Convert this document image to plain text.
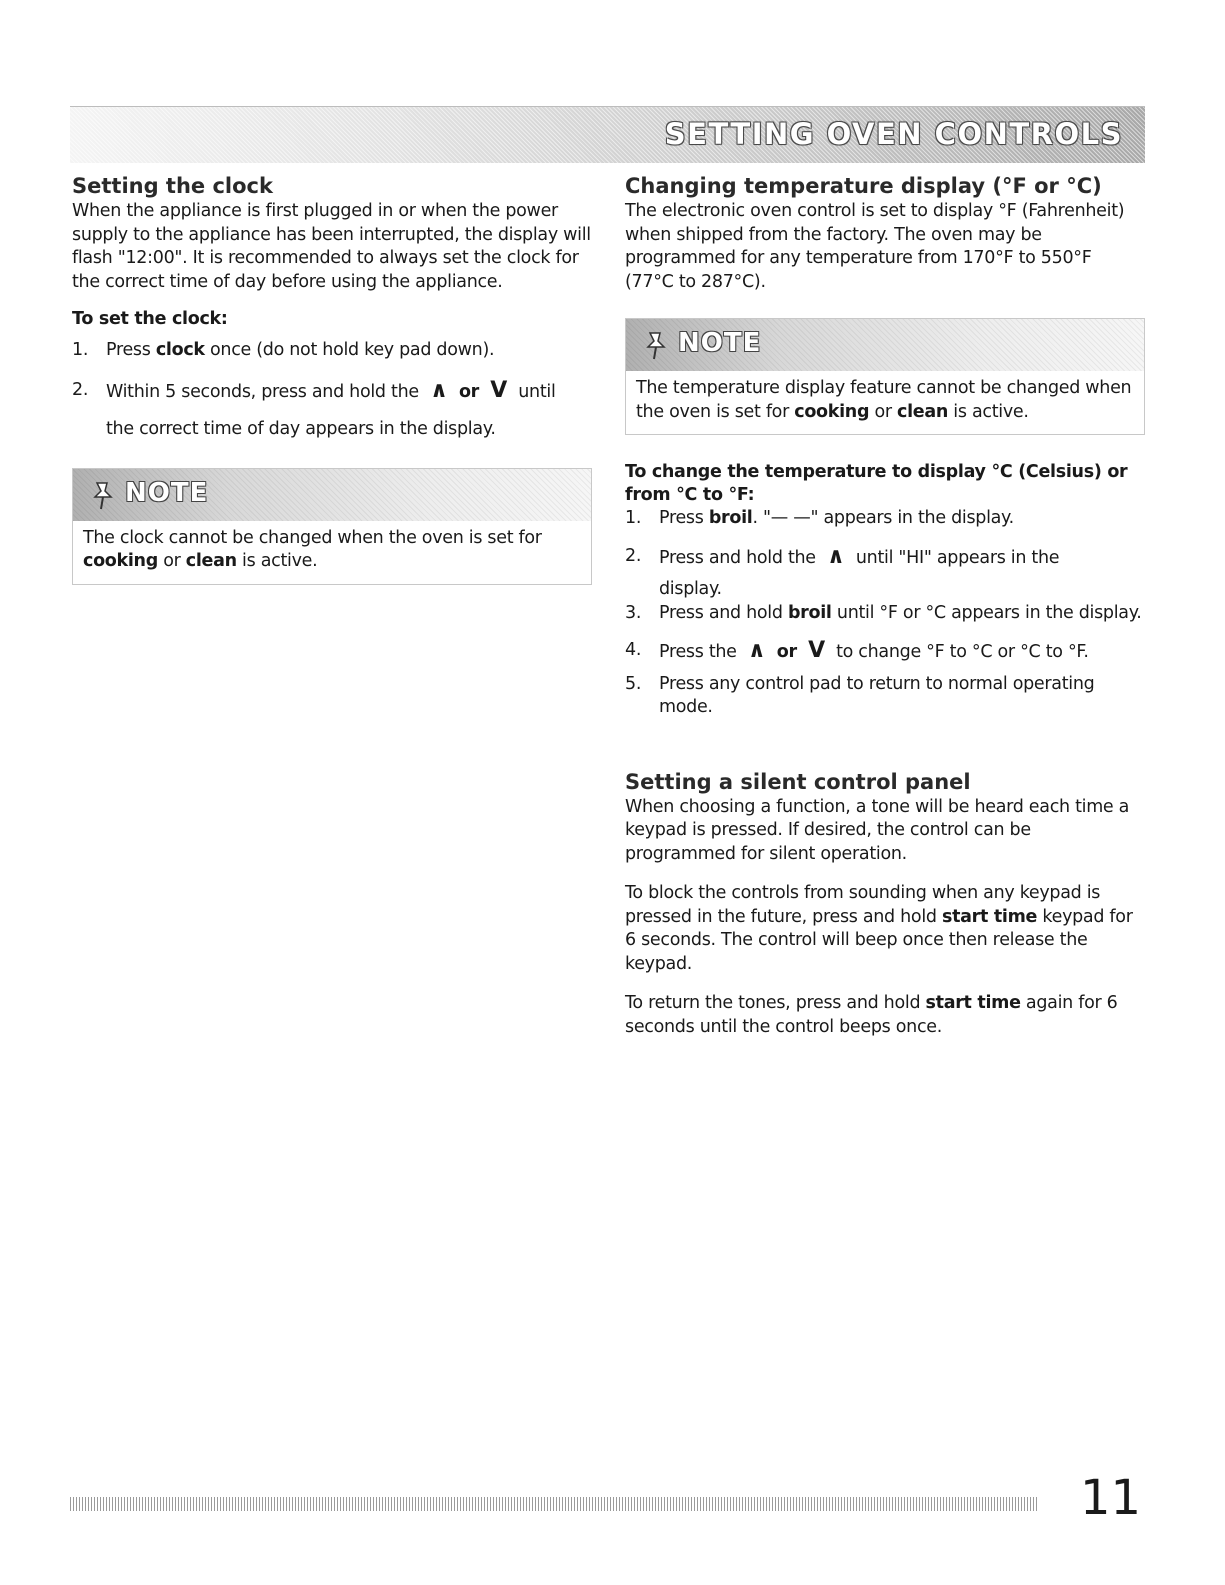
SETTING OVEN CONTROLS
Setting the clock

When the appliance is first plugged in or when the power supply to the appliance has been interrupted, the display will flash "12:00". It is recommended to always set the clock for the correct time of day before using the appliance.

To set the clock:
1.	Press clock once (do not hold key pad down).
2.	Within 5 seconds, press and hold the ∧ or V until
the correct time of day appears in the display.
NOTE

The clock cannot be changed when the oven is set for cooking or clean is active.

Changing temperature display (°F or °C)

The electronic oven control is set to display °F (Fahrenheit) when shipped from the factory. The oven may be programmed for any temperature from 170°F to 550°F (77°C to 287°C).

NOTE

The temperature display feature cannot be changed when the oven is set for cooking or clean is active.

To change the temperature to display °C (Celsius) or from °C to °F:
1.	Press broil. "— —" appears in the display.
2.	Press and hold the ∧ until "HI" appears in the
display.
3.	Press and hold broil until °F or °C appears in the display.
4.	Press the ∧ or V to change °F to °C or °C to °F.
5.	Press any control pad to return to normal operating mode.
Setting a silent control panel

When choosing a function, a tone will be heard each time a keypad is pressed. If desired, the control can be programmed for silent operation.

To block the controls from sounding when any keypad is pressed in the future, press and hold start time keypad for 6 seconds. The control will beep once then release the keypad.

To return the tones, press and hold start time again for 6 seconds until the control beeps once.

11
